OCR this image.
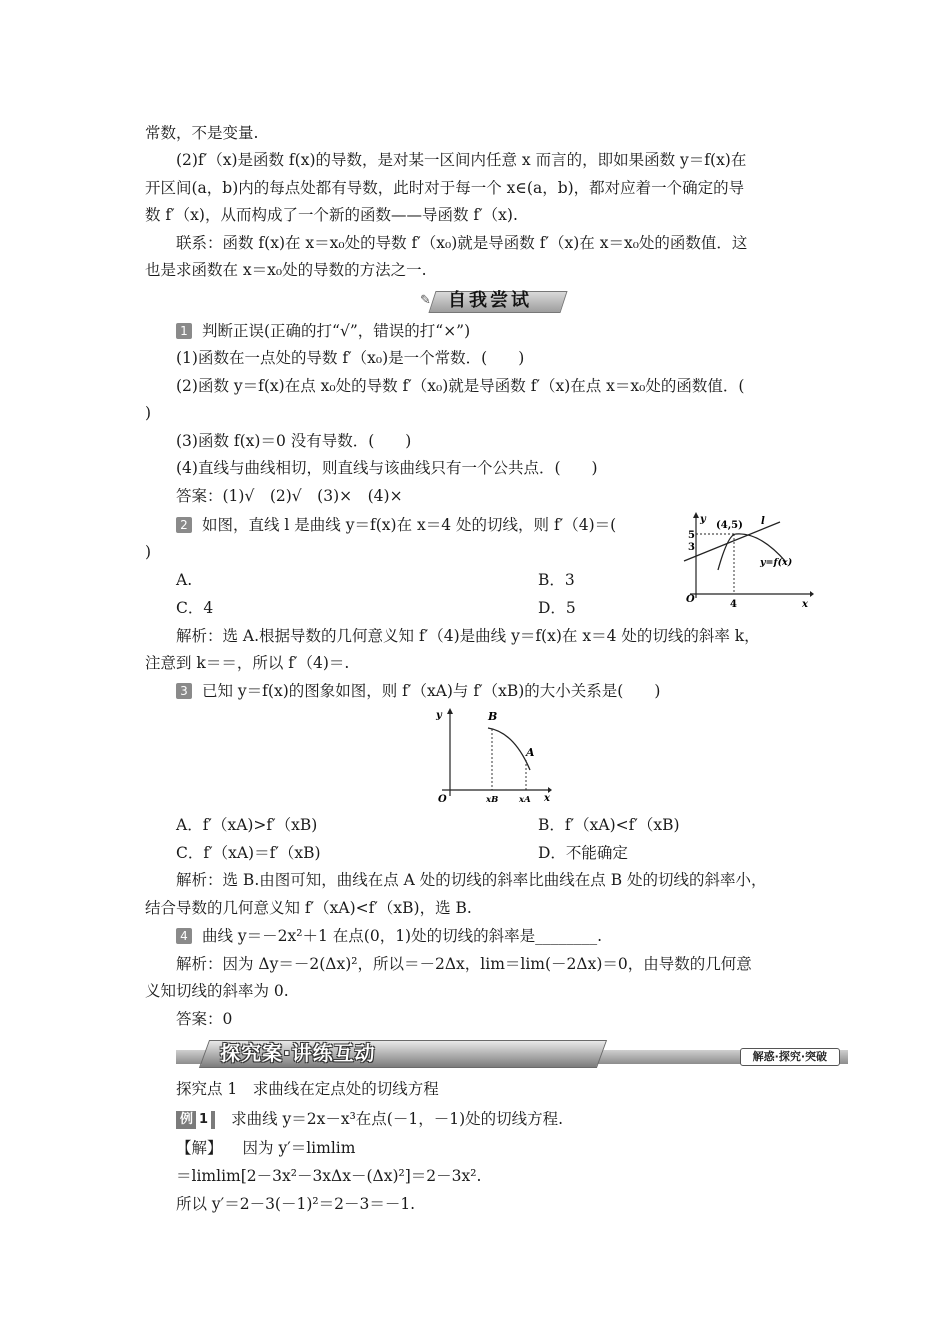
常数，不是变量.
(2)f′（x)是函数 f(x)的导数，是对某一区间内任意 x 而言的，即如果函数 y＝f(x)在
开区间(a，b)内的每点处都有导数，此时对于每一个 x∈(a，b)，都对应着一个确定的导
数 f′（x)，从而构成了一个新的函数——导函数 f′（x).
联系：函数 f(x)在 x＝x₀处的导数 f′（x₀)就是导函数 f′（x)在 x＝x₀处的函数值．这
也是求函数在 x＝x₀处的导数的方法之一.
✎ 自我尝试
1 判断正误(正确的打“√”，错误的打“×”)
(1)函数在一点处的导数 f′（x₀)是一个常数．(　　)
(2)函数 y＝f(x)在点 x₀处的导数 f′（x₀)就是导函数 f′（x)在点 x＝x₀处的函数值．(
)
(3)函数 f(x)＝0 没有导数．(　　)
(4)直线与曲线相切，则直线与该曲线只有一个公共点．(　　)
答案：(1)√　(2)√　(3)×　(4)×
2 如图，直线 l 是曲线 y＝f(x)在 x＝4 处的切线，则 f′（4)＝(
)
A.	B．3
C．4	D．5
y
x
O
l
(4,5)
5
3
4
y=f(x)
解析：选 A.根据导数的几何意义知 f′（4)是曲线 y＝f(x)在 x＝4 处的切线的斜率 k，
注意到 k＝＝，所以 f′（4)＝.
3 已知 y＝f(x)的图象如图，则 f′（xA)与 f′（xB)的大小关系是(　　)
y
x
O
B
A
xB xA
A．f′（xA)>f′（xB)	B．f′（xA)<f′（xB)
C．f′（xA)＝f′（xB)	D．不能确定
解析：选 B.由图可知，曲线在点 A 处的切线的斜率比曲线在点 B 处的切线的斜率小，
结合导数的几何意义知 f′（xA)<f′（xB)，选 B.
4 曲线 y＝－2x²＋1 在点(0，1)处的切线的斜率是________.
解析：因为 Δy＝－2(Δx)²，所以＝－2Δx，lim＝lim(－2Δx)＝0，由导数的几何意
义知切线的斜率为 0.
答案：0
探究案·讲练互动	解惑·探究·突破
探究点 1　求曲线在定点处的切线方程
例 1 求曲线 y＝2x－x³在点(－1，－1)处的切线方程.
【解】 因为 y′＝limlim
＝limlim[2－3x²－3xΔx－(Δx)²]＝2－3x².
所以 y′＝2－3(－1)²＝2－3＝－1.
